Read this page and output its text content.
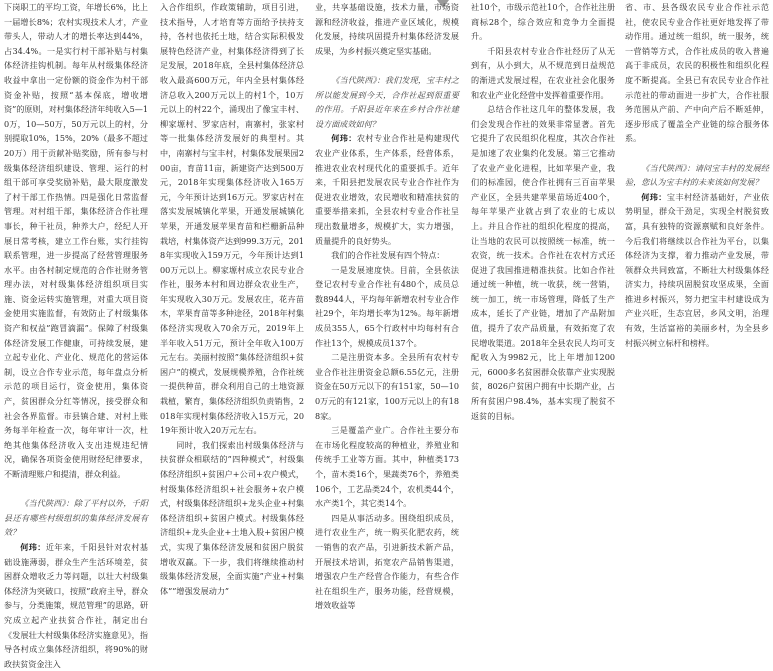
下岗职工的平均工资，年增长6%，比上一届增长8%；农村实现技术人才，产业带头人，带动人才的增长率达到44%，占34.4%。一是实行村干部补贴与村集体经济挂钩机制。每年从村级集体经济收益中拿出一定份额的资金作为村干部资金补贴，按照“基本保底，增收增资”的原则，对村集体经济年纯收入5—10万，10—50万，50万元以上的村，分别提取10%，15%，20%（最多不超过20万）用于贡献补贴奖励，所有参与村级集体经济组织建设、管理、运行的村组干部可享受奖励补贴，最大限度激发了村干部工作热情。四是强化日常监督管理。对村组干部，集体经济合作社理事长，种干社员，种养大户，经纪人开展日常考核，建立工作台账，实行挂钩联系管理，进一步提高了经营管理服务水平。由各村制定规范的合作社财务管理办法，对村级集体经济组织项目实施、资金运转实施管理，对重大项目资金使用实施监督，有效防止了村级集体资产和权益”跑冒滴漏”。保障了村级集体经济发展工作健康，可持续发展，建立起专业化、产业化、规范化的营运体制，设立合作专业示范，每年盘点分析示范的项目运行，资金使用，集体资产，贫困群众分红等情况，接受群众和社会各界监督。市县镇合建、对村上账务每半年检查一次，每年审计一次，杜绝其他集体经济收入支出违规违纪情况，确保各项资金使用财经纪律要求，不断清理账户和提清，群众利益。

《当代陕西》：除了平村以外，千阳县还有哪些村级组织的集体经济发展有效？

何玮：近年来，千阳县针对农村基础设施薄弱，群众生产生活环境差，贫困群众增收乏力等问题，以壮大村级集体经济为突破口，按照”政府主导，群众参与，分类施策，规范管理”的思路，研究成立起产业扶贫合作社，制定出台《发展壮大村级集体经济实施意见》，指导各村成立集体经济组织，将90%的财政扶贫资金注入

入合作组织，作政策辅助，项目引进，技术指导，人才培育等方面给予扶持支持，各村也依托土地，结合实际积极发展特色经济产业，村集体经济得到了长足发展，2018年底，全县村集体经济总收入最高600万元，年内全县村集体经济总收入200万元以上的村1个，10万元以上的村22个，涌现出了像宝丰村、柳家塬村、罗家店村，南寨村，张家村等一批集体经济发展好的典型村。其中，南寨村与宝丰村，村集体发展果园200亩，育苗11亩，新建资产达到500万元，2018年实现集体经济收入165万元，今年预计达到16万元。罗家店村在落实发展城镇化苹果，开通发展城镇化苹果，开通发展苹果育苗和栏栅新品种栽培，村集体资产达到999.3万元，2018年实现收入159万元，今年预计达到100万元以上。柳家塬村成立农民专业合作社，服务本村和周边群众农业生产，年实现收入30万元。发展农庄，花卉苗木，苹果育苗等多种途径，2018年村集体经济实现收入70余万元，2019年上半年收入51万元，预计全年收入100万元左右。美丽村按照”集体经济组织+贫困户”的模式，发展规模养殖，合作社统一提供种苗，群众利用自己的土地资源栽植，繁育，集体经济组织负责销售，2018年实现村集体经济收入15万元，2019年预计收入20万元左右。

同时，我们探索出村级集体经济与扶贫群众相联结的”四种模式”，村级集体经济组织+贫困户+公司+农户模式，村级集体经济组织+社会服务+农户模式，村级集体经济组织+龙头企业+村集体经济组织+贫困户模式。村级集体经济组织+龙头企业+土地入股+贫困户模式，实现了集体经济发展和贫困户脱贫增收双赢。下一步，我们将继续推动村级集体经济发展，全面实施”产业+村集体””增强发展动力”

业，共享基础设施，技术力量，市场资源和经济收益，推进产业区域化，规模化发展，持续巩固提升村集体经济发展成果，为乡村振兴奠定坚实基础。

《当代陕西》：我们发现，宝丰村之所以能发展到今天，合作社起到很重要的作用。千阳县近年来在乡村合作社建设方面成效如何？

何玮：农村专业合作社是构建现代农业产业体系，生产体系，经营体系，推进农业农村现代化的重要抓手。近年来，千阳县把发展农民专业合作社作为促进农业增效，农民增收和精准扶贫的重要举措来抓，全县农村专业合作社呈现出数量增多，规模扩大，实力增强，质量提升的良好势头。

我们的合作社发展有四个特点：

一是发展速度快。目前，全县依法登记农村专业合作社有480个，成员总数8944人，平均每年新增农村专业合作社29个，年均增长率为12%。每年新增成员355人，65个行政村中均每村有合作社13个，规模成员137个。

二是注册资本多。全县所有农村专业合作社注册资金总额6.55亿元，注册资金在50万元以下的有151家，50—100万元的有121家，100万元以上的有188家。

三是覆盖产业广。合作社主要分布在市场化程度较高的种植业，养殖业和传统手工业等方面。其中，种植类173个，苗木类16个，果蔬类76个，养殖类106个，工艺品类24个，农机类44个，水产类1个，其它类14个。

四是从事活动多。围绕组织成员，进行农业生产，统一购买化肥农药，统一销售的农产品，引进新技术新产品，开展技术培训，拓宽农产品销售渠道，增强农户生产经营合作能力，有些合作社在组织生产，服务功能，经营规模，增效收益等

社10个，市级示范社10个，合作社注册商标28个，综合效应和竞争力全面提升。

千阳县农村专业合作社经历了从无到有，从小到大，从不规范到日益规范的渐进式发展过程，在农业社会化服务和农业产业化经营中发挥着重要作用。

总结合作社这几年的整体发展，我们会发现合作社的效果非常显著。首先它提升了农民组织化程度，其次合作社是加速了农业集约化发展。第三它推动了农业产业化进程，比如苹果产业，我们的标准园，使合作社拥有三百亩苹果产业区，全县共建苹果苗场近400个，每年苹果产业就占到了农业的七成以上。并且合作社的组织化程度的提高，让当地的农民可以按照统一标准，统一农资，统一技术。合作社在农村方式还促进了我国推进精准扶贫。比如合作社通过统一种植，统一收获，统一营销，统一加工，统一市场管理，降低了生产成本，延长了产业链，增加了产品附加值，提升了农产品质量，有效拓宽了农民增收渠道。2018年全县农民人均可支配收入为9982元，比上年增加1200元，6000多名贫困群众依靠产业实现脱贫，8026户贫困户拥有中长期产业，占所有贫困户98.4%，基本实现了脱贫不返贫的目标。

省、市、县各级农民专业合作社示范社，使农民专业合作社更好地发挥了带动作用。通过统一组织，统一服务，统一营销等方式，合作社成员的收入普遍高于非成员，农民的积极性和组织化程度不断提高。全县已有农民专业合作社示范社的带动面进一步扩大，合作社服务范围从产前、产中向产后不断延伸，逐步形成了覆盖全产业链的综合服务体系。

《当代陕西》：请问宝丰村的发展经验，您认为宝丰村的未来该如何发展？

何玮：宝丰村经济基础好，产业依势明显，群众干劲足，实现全村脱贫致富，具有独特的资源禀赋和良好条件。今后我们将继续以合作社为平台，以集体经济为支撑，着力推动产业发展，带领群众共同致富，不断壮大村级集体经济实力，持续巩固脱贫攻坚成果，全面推进乡村振兴，努力把宝丰村建设成为产业兴旺，生态宜居，乡风文明，治理有效，生活富裕的美丽乡村，为全县乡村振兴树立标杆和榜样。
